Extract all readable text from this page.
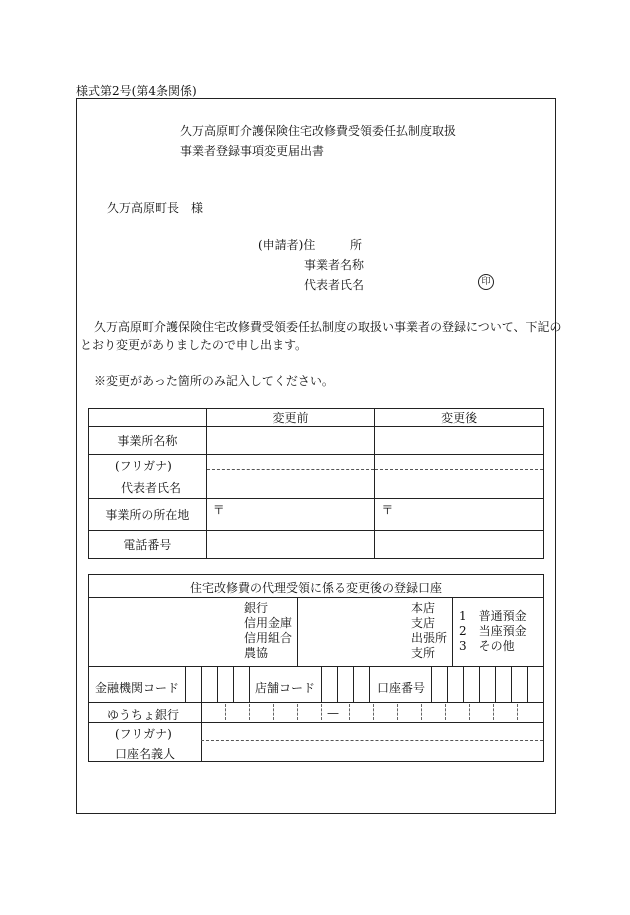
様式第2号(第4条関係)
久万高原町介護保険住宅改修費受領委任払制度取扱
事業者登録事項変更届出書
久万高原町長　様
(申請者)住	所
事業者名称
代表者氏名	印
久万高原町介護保険住宅改修費受領委任払制度の取扱い事業者の登録について、下記の
とおり変更がありましたので申し出ます。
※変更があった箇所のみ記入してください。
	変更前	変更後
事業所名称		

(フリガナ)
代表者氏名		

事業所の所在地	〒	〒
電話番号		
住宅改修費の代理受領に係る変更後の登録口座
銀行
信用金庫
信用組合
農協
本店
支店
出張所
支所
1　普通預金
2　当座預金
3　その他
金融機関コード	店舗コード	口座番号
ゆうちょ銀行	—
(フリガナ)
口座名義人
